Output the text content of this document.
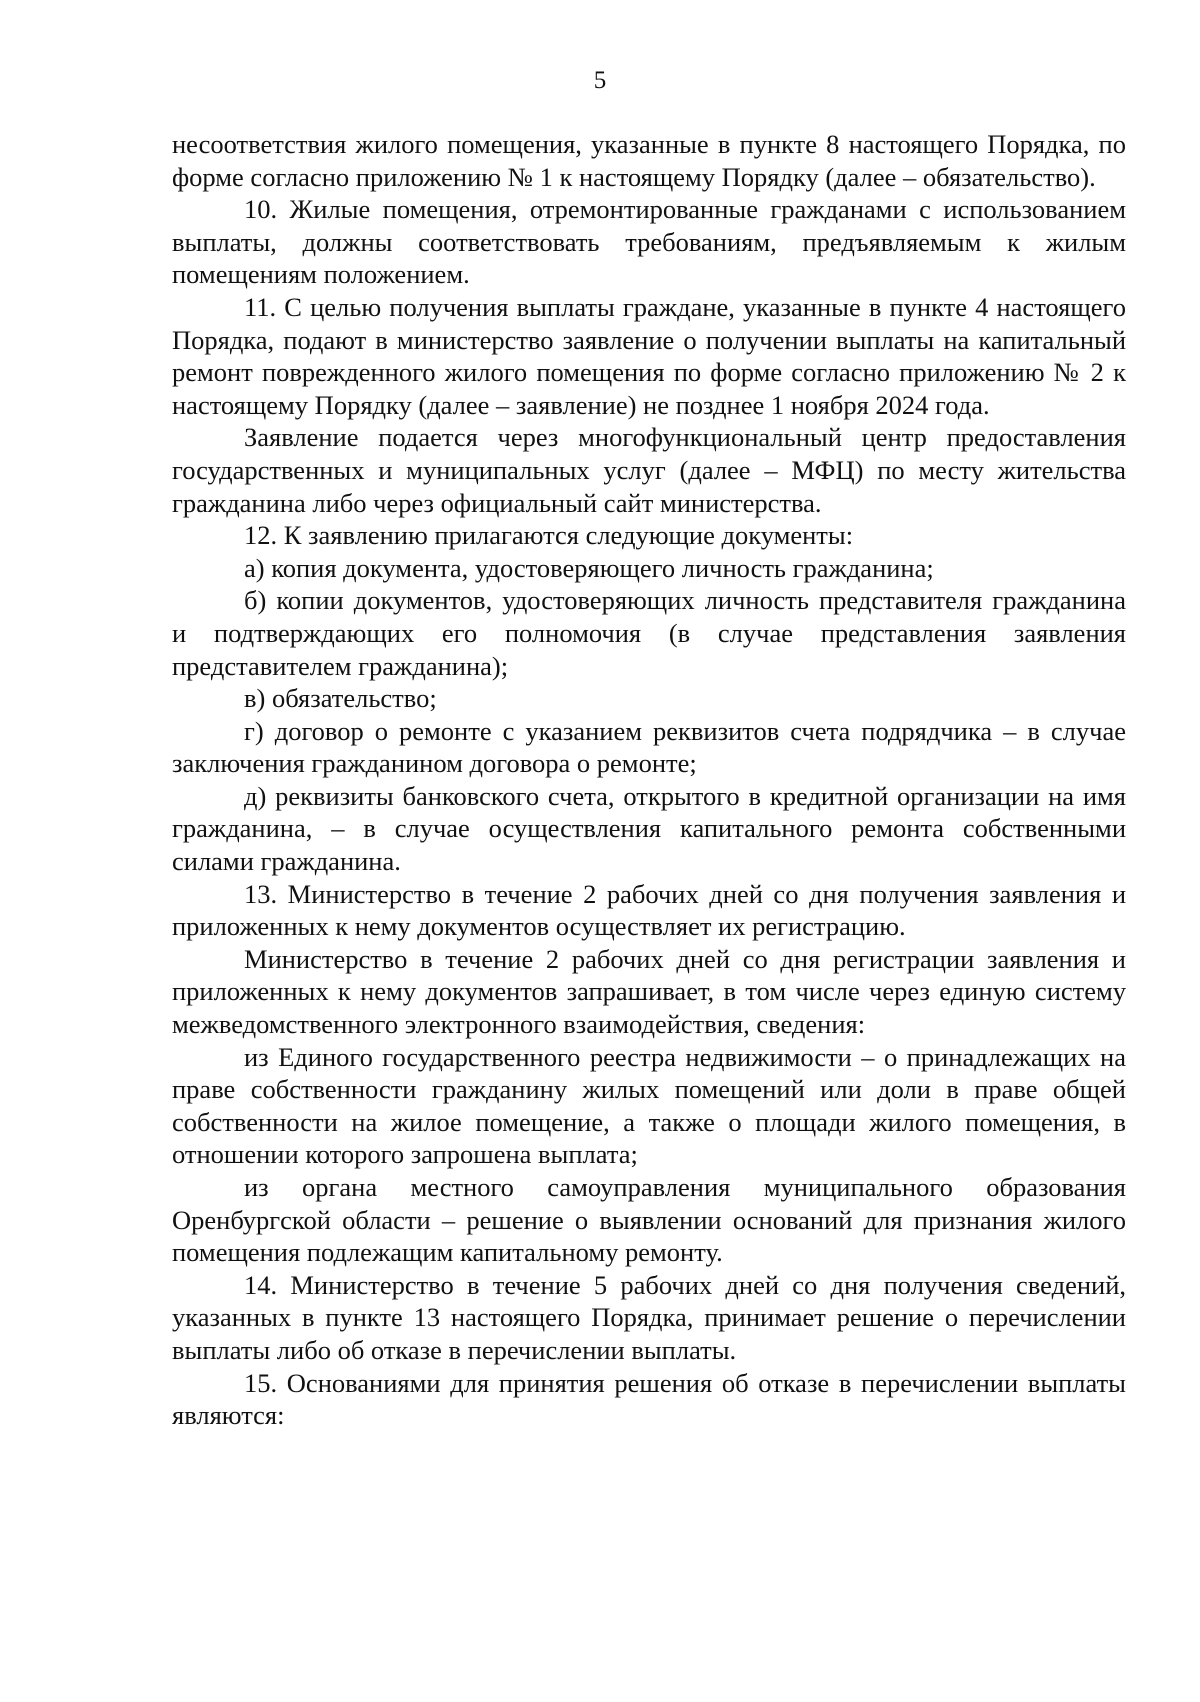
5

несоответствия жилого помещения, указанные в пункте 8 настоящего Порядка, по форме согласно приложению № 1 к настоящему Порядку (далее – обязательство).

10. Жилые помещения, отремонтированные гражданами с использованием выплаты, должны соответствовать требованиям, предъявляемым к жилым помещениям положением.

11. С целью получения выплаты граждане, указанные в пункте 4 настоящего Порядка, подают в министерство заявление о получении выплаты на капитальный ремонт поврежденного жилого помещения по форме согласно приложению № 2 к настоящему Порядку (далее – заявление) не позднее 1 ноября 2024 года.

Заявление подается через многофункциональный центр предоставления государственных и муниципальных услуг (далее – МФЦ) по месту жительства гражданина либо через официальный сайт министерства.

12. К заявлению прилагаются следующие документы:

а) копия документа, удостоверяющего личность гражданина;

б) копии документов, удостоверяющих личность представителя гражданина и подтверждающих его полномочия (в случае представления заявления представителем гражданина);

в) обязательство;

г) договор о ремонте с указанием реквизитов счета подрядчика – в случае заключения гражданином договора о ремонте;

д) реквизиты банковского счета, открытого в кредитной организации на имя гражданина, – в случае осуществления капитального ремонта собственными силами гражданина.

13. Министерство в течение 2 рабочих дней со дня получения заявления и приложенных к нему документов осуществляет их регистрацию.

Министерство в течение 2 рабочих дней со дня регистрации заявления и приложенных к нему документов запрашивает, в том числе через единую систему межведомственного электронного взаимодействия, сведения:

из Единого государственного реестра недвижимости – о принадлежащих на праве собственности гражданину жилых помещений или доли в праве общей собственности на жилое помещение, а также о площади жилого помещения, в отношении которого запрошена выплата;

из органа местного самоуправления муниципального образования Оренбургской области – решение о выявлении оснований для признания жилого помещения подлежащим капитальному ремонту.

14. Министерство в течение 5 рабочих дней со дня получения сведений, указанных в пункте 13 настоящего Порядка, принимает решение о перечислении выплаты либо об отказе в перечислении выплаты.

15. Основаниями для принятия решения об отказе в перечислении выплаты являются:
